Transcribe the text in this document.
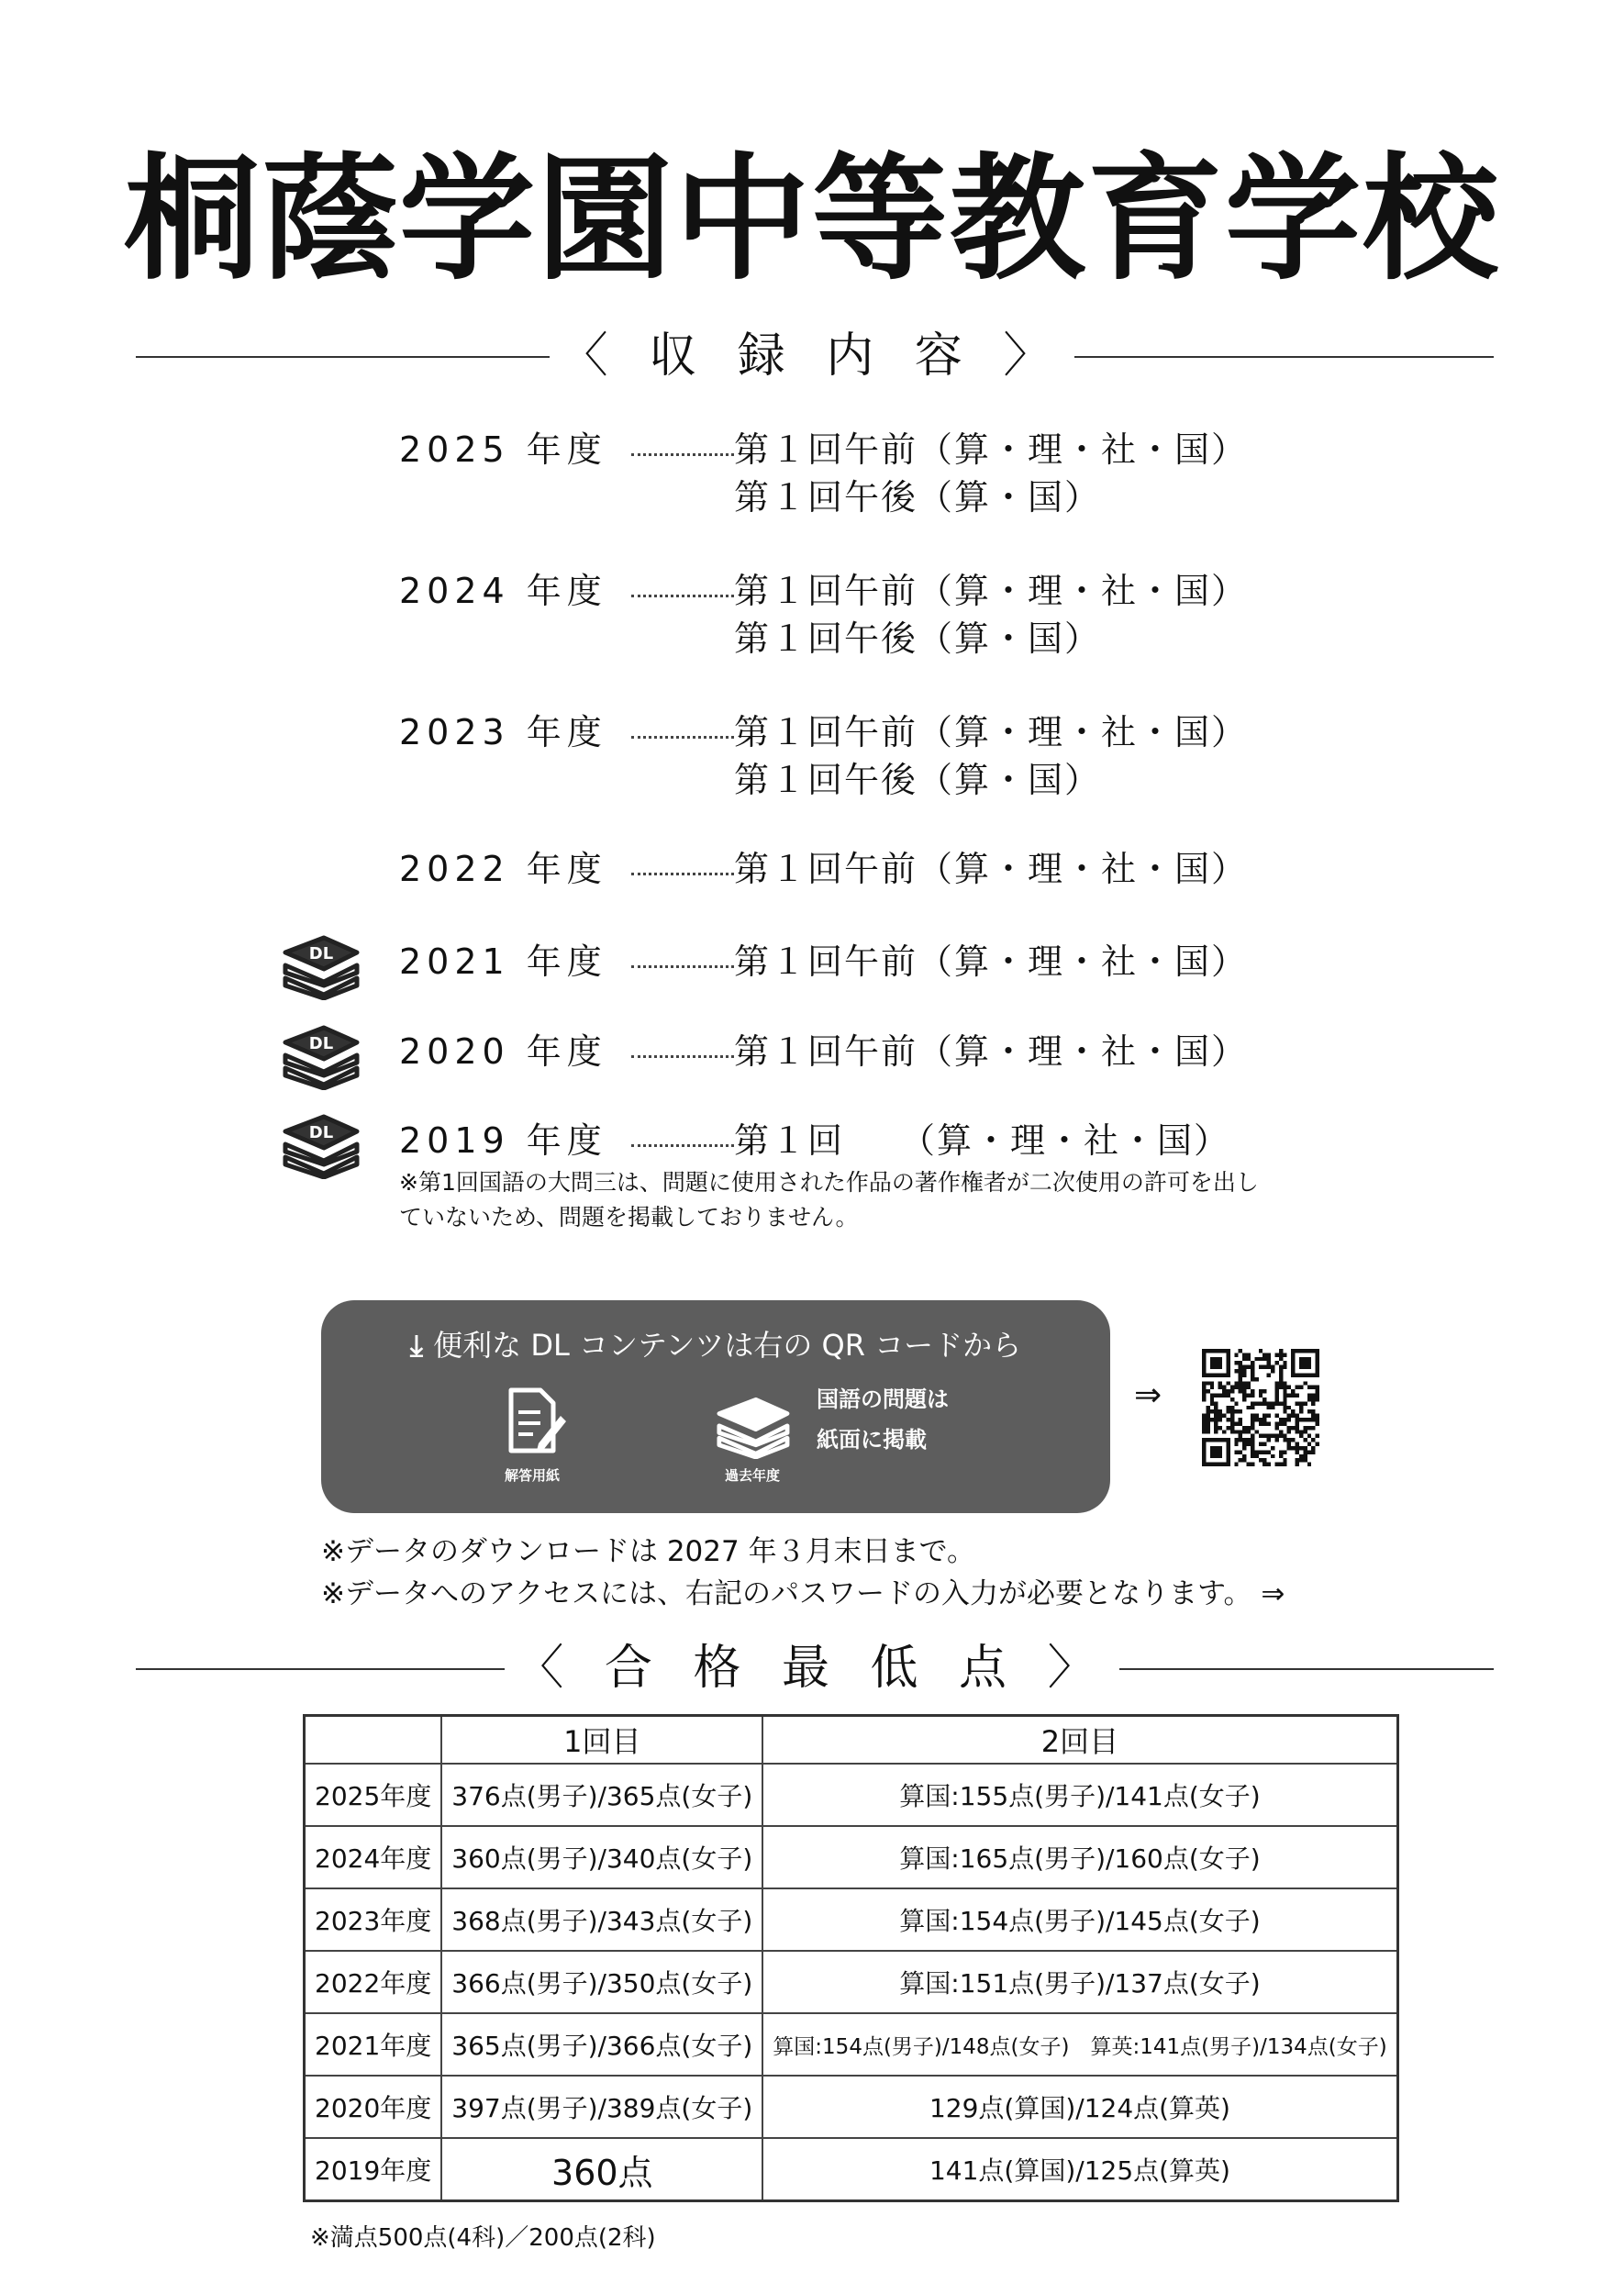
桐蔭学園中等教育学校
〈 収 録 内 容 〉
2025 年度	第１回午前（算・理・社・国）
第１回午後（算・国）
2024 年度	第１回午前（算・理・社・国）
第１回午後（算・国）
2023 年度	第１回午前（算・理・社・国）
第１回午後（算・国）
2022 年度	第１回午前（算・理・社・国）
DL 2021 年度	第１回午前（算・理・社・国）
DL 2020 年度	第１回午前（算・理・社・国）
DL 2019 年度	第１回　　（算・理・社・国）
※第1回国語の大問三は、問題に使用された作品の著作権者が二次使用の許可を出していないため、問題を掲載しておりません。
⤓ 便利な DL コンテンツは右の QR コードから
解答用紙	過去年度
国語の問題は
紙面に掲載
⇒
※データのダウンロードは 2027 年３月末日まで。
※データへのアクセスには、右記のパスワードの入力が必要となります。 ⇒
〈 合 格 最 低 点 〉
	1回目	2回目
2025年度	376点(男子)/365点(女子)	算国:155点(男子)/141点(女子)
2024年度	360点(男子)/340点(女子)	算国:165点(男子)/160点(女子)
2023年度	368点(男子)/343点(女子)	算国:154点(男子)/145点(女子)
2022年度	366点(男子)/350点(女子)	算国:151点(男子)/137点(女子)
2021年度	365点(男子)/366点(女子)	算国:154点(男子)/148点(女子)　算英:141点(男子)/134点(女子)
2020年度	397点(男子)/389点(女子)	129点(算国)/124点(算英)
2019年度	360点	141点(算国)/125点(算英)
※満点500点(4科)／200点(2科)
